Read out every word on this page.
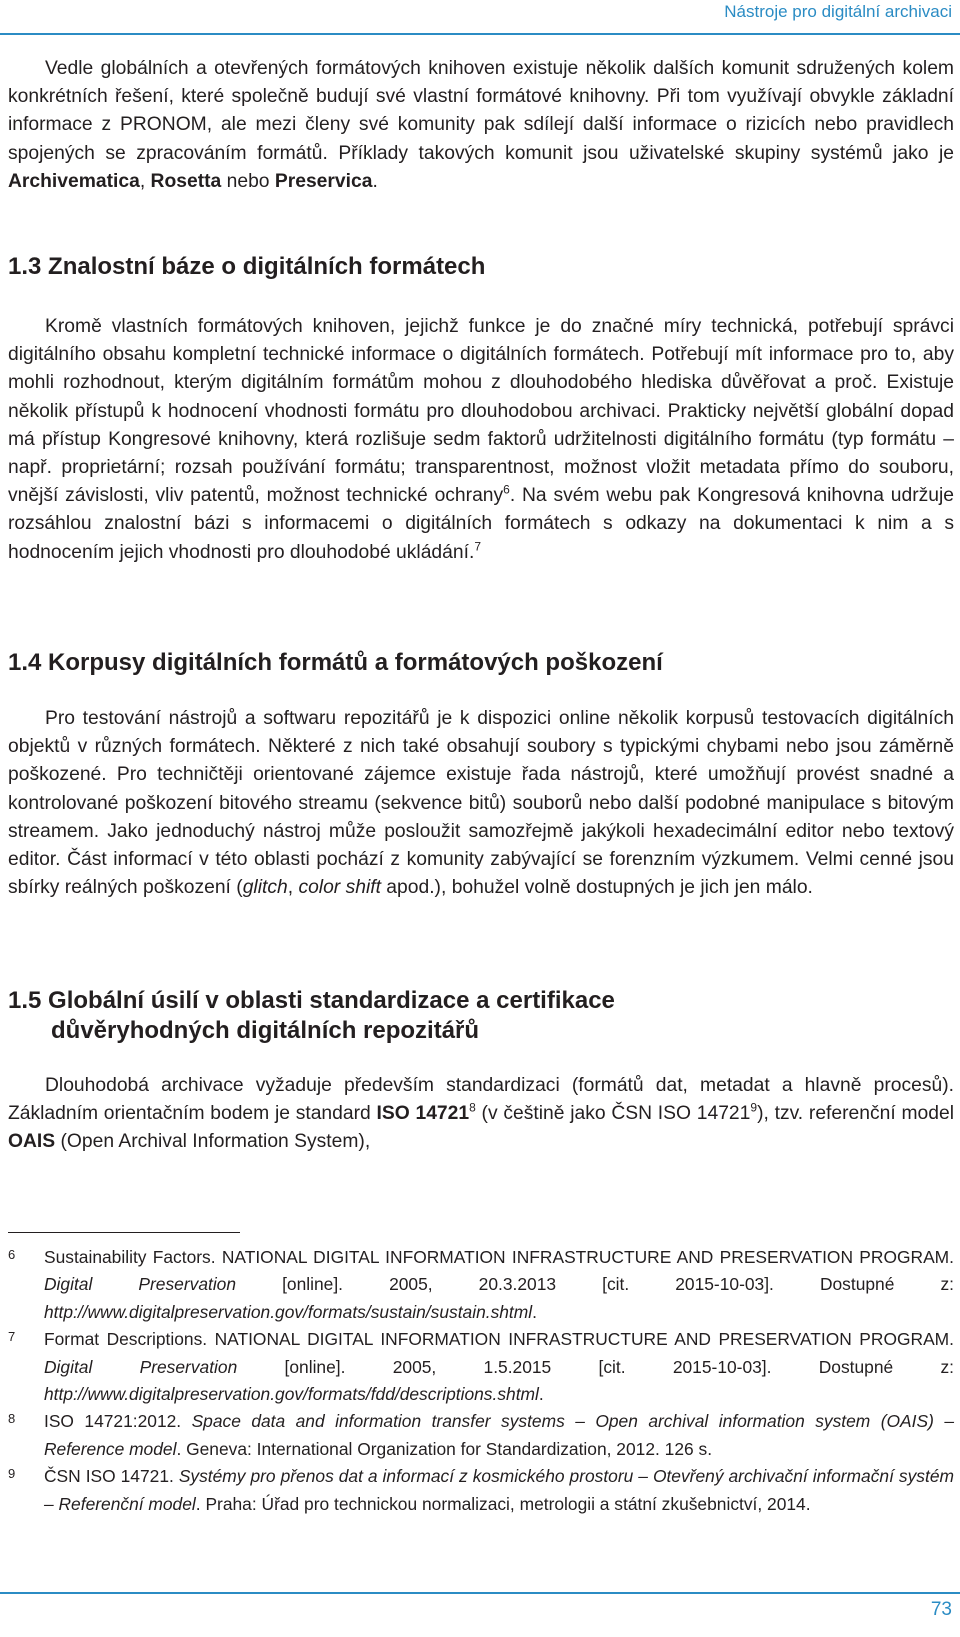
Nástroje pro digitální archivaci

Vedle globálních a otevřených formátových knihoven existuje několik dalších komunit sdružených kolem konkrétních řešení, které společně budují své vlastní formátové knihovny. Při tom využívají obvykle základní informace z PRONOM, ale mezi členy své komunity pak sdílejí další informace o rizicích nebo pravidlech spojených se zpracováním formátů. Příklady takových komunit jsou uživatelské skupiny systémů jako je Archivematica, Rosetta nebo Preservica.

1.3 Znalostní báze o digitálních formátech

Kromě vlastních formátových knihoven, jejichž funkce je do značné míry technická, potřebují správci digitálního obsahu kompletní technické informace o digitálních formátech. Potřebují mít informace pro to, aby mohli rozhodnout, kterým digitálním formátům mohou z dlouhodobého hlediska důvěřovat a proč. Existuje několik přístupů k hodnocení vhodnosti formátu pro dlouhodobou archivaci. Prakticky největší globální dopad má přístup Kongresové knihovny, která rozlišuje sedm faktorů udržitelnosti digitálního formátu (typ formátu – např. proprietární; rozsah používání formátu; transparentnost, možnost vložit metadata přímo do souboru, vnější závislosti, vliv patentů, možnost technické ochrany$^6$. Na svém webu pak Kongresová knihovna udržuje rozsáhlou znalostní bázi s informacemi o digitálních formátech s odkazy na dokumentaci k nim a s hodnocením jejich vhodnosti pro dlouhodobé ukládání.$^7$

1.4 Korpusy digitálních formátů a formátových poškození

Pro testování nástrojů a softwaru repozitářů je k dispozici online několik korpusů testovacích digitálních objektů v různých formátech. Některé z nich také obsahují soubory s typickými chybami nebo jsou záměrně poškozené. Pro techničtěji orientované zájemce existuje řada nástrojů, které umožňují provést snadné a kontrolované poškození bitového streamu (sekvence bitů) souborů nebo další podobné manipulace s bitovým streamem. Jako jednoduchý nástroj může posloužit samozřejmě jakýkoli hexadecimální editor nebo textový editor. Část informací v této oblasti pochází z komunity zabývající se forenzním výzkumem. Velmi cenné jsou sbírky reálných poškození (glitch, color shift apod.), bohužel volně dostupných je jich jen málo.

1.5 Globální úsilí v oblasti standardizace a certifikace
důvěryhodných digitálních repozitářů

Dlouhodobá archivace vyžaduje především standardizaci (formátů dat, metadat a hlavně procesů). Základním orientačním bodem je standard ISO 14721$^8$ (v češtině jako ČSN ISO 14721$^9$), tzv. referenční model OAIS (Open Archival Information System),

6 Sustainability Factors. NATIONAL DIGITAL INFORMATION INFRASTRUCTURE AND PRESERVATION PROGRAM. Digital Preservation [online]. 2005, 20.3.2013 [cit. 2015-10-03]. Dostupné z: http://www.digitalpreservation.gov/formats/sustain/sustain.shtml.
7 Format Descriptions. NATIONAL DIGITAL INFORMATION INFRASTRUCTURE AND PRESERVATION PROGRAM. Digital Preservation [online]. 2005, 1.5.2015 [cit. 2015-10-03]. Dostupné z: http://www.digitalpreservation.gov/formats/fdd/descriptions.shtml.
8 ISO 14721:2012. Space data and information transfer systems – Open archival information system (OAIS) – Reference model. Geneva: International Organization for Standardization, 2012. 126 s.
9 ČSN ISO 14721. Systémy pro přenos dat a informací z kosmického prostoru – Otevřený archivační informační systém – Referenční model. Praha: Úřad pro technickou normalizaci, metrologii a státní zkušebnictví, 2014.
73
